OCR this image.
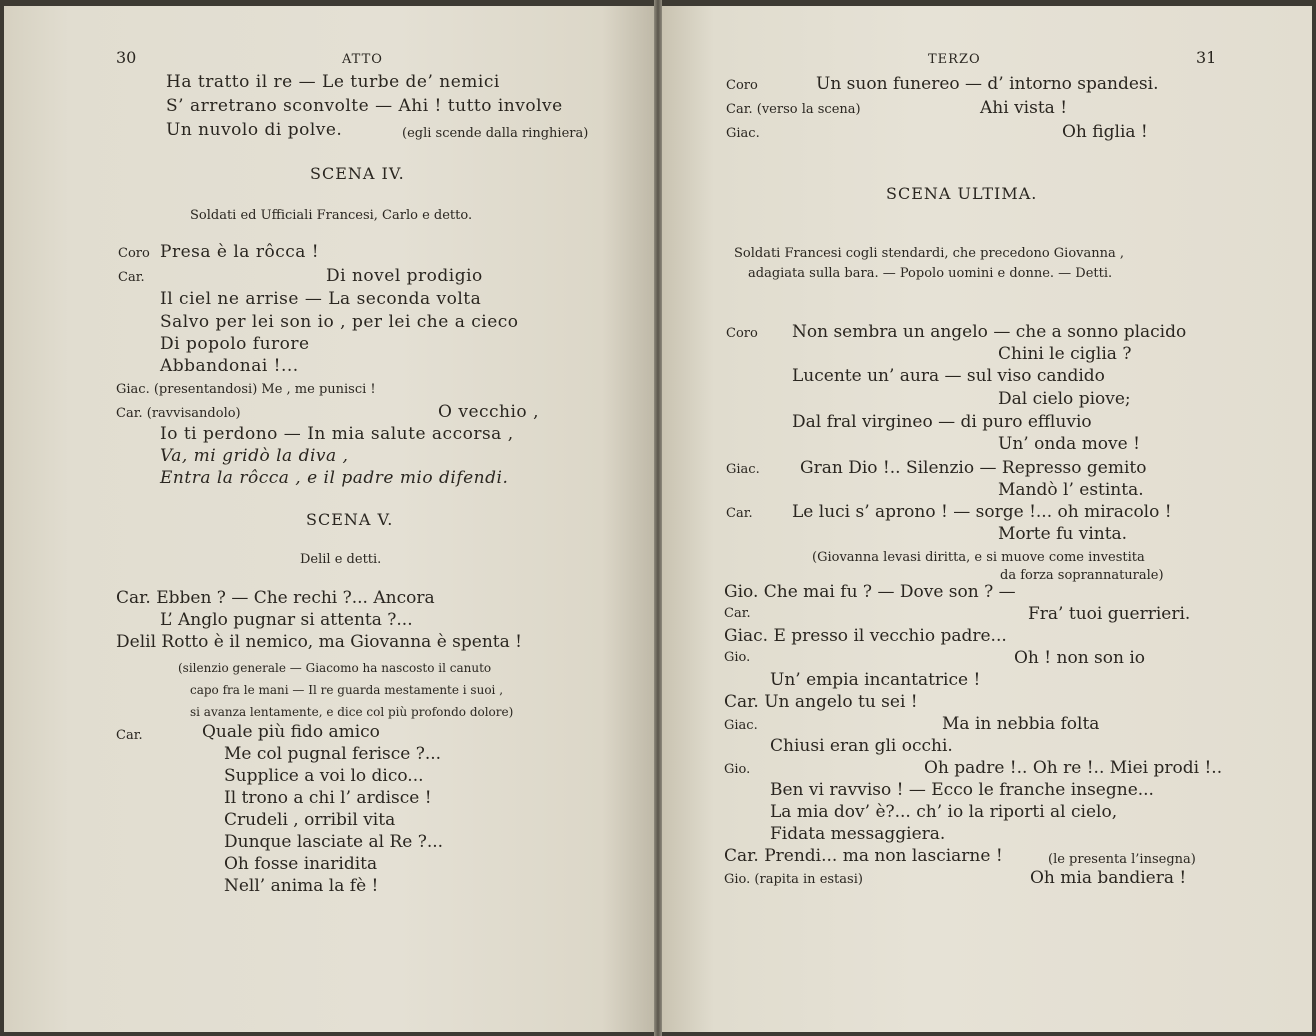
30	ATTO
Ha tratto il re — Le turbe de’ nemici
S’ arretrano sconvolte — Ahi ! tutto involve
Un nuvolo di polve.	(egli scende dalla ringhiera)
SCENA IV.
Soldati ed Ufficiali Francesi, Carlo e detto.
Coro Presa è la rôcca !
Car.	Di novel prodigio
Il ciel ne arrise — La seconda volta
Salvo per lei son io , per lei che a cieco
Di popolo furore
Abbandonai !...
Giac. (presentandosi) Me , me punisci !
Car. (ravvisandolo)	O vecchio ,
Io ti perdono — In mia salute accorsa ,
Va, mi gridò la diva ,
Entra la rôcca , e il padre mio difendi.
SCENA V.
Delil e detti.
Car. Ebben ? — Che rechi ?... Ancora
L’ Anglo pugnar si attenta ?...
Delil Rotto è il nemico, ma Giovanna è spenta !
(silenzio generale — Giacomo ha nascosto il canuto
capo fra le mani — Il re guarda mestamente i suoi ,
si avanza lentamente, e dice col più profondo dolore)
Car.	Quale più fido amico
Me col pugnal ferisce ?...
Supplice a voi lo dico...
Il trono a chi l’ ardisce !
Crudeli , orribil vita
Dunque lasciate al Re ?...
Oh fosse inaridita
Nell’ anima la fè !
TERZO	31
Coro	Un suon funereo — d’ intorno spandesi.
Car. (verso la scena)	Ahi vista !
Giac.	Oh figlia !
SCENA ULTIMA.
Soldati Francesi cogli stendardi, che precedono Giovanna ,
adagiata sulla bara. — Popolo uomini e donne. — Detti.
Coro Non sembra un angelo — che a sonno placido
Chini le ciglia ?
Lucente un’ aura — sul viso candido
Dal cielo piove;
Dal fral virgineo — di puro effluvio
Un’ onda move !
Giac. Gran Dio !.. Silenzio — Represso gemito
Mandò l’ estinta.
Car. Le luci s’ aprono ! — sorge !... oh miracolo !
Morte fu vinta.
(Giovanna levasi diritta, e si muove come investita
da forza soprannaturale)
Gio. Che mai fu ? — Dove son ? —
Car.	Fra’ tuoi guerrieri.
Giac. E presso il vecchio padre...
Gio.	Oh ! non son io
Un’ empia incantatrice !
Car. Un angelo tu sei !
Giac.	Ma in nebbia folta
Chiusi eran gli occhi.
Gio.	Oh padre !.. Oh re !.. Miei prodi !..
Ben vi ravviso ! — Ecco le franche insegne...
La mia dov’ è?... ch’ io la riporti al cielo,
Fidata messaggiera.
Car. Prendi... ma non lasciarne !	(le presenta l’insegna)
Gio. (rapita in estasi)	Oh mia bandiera !
